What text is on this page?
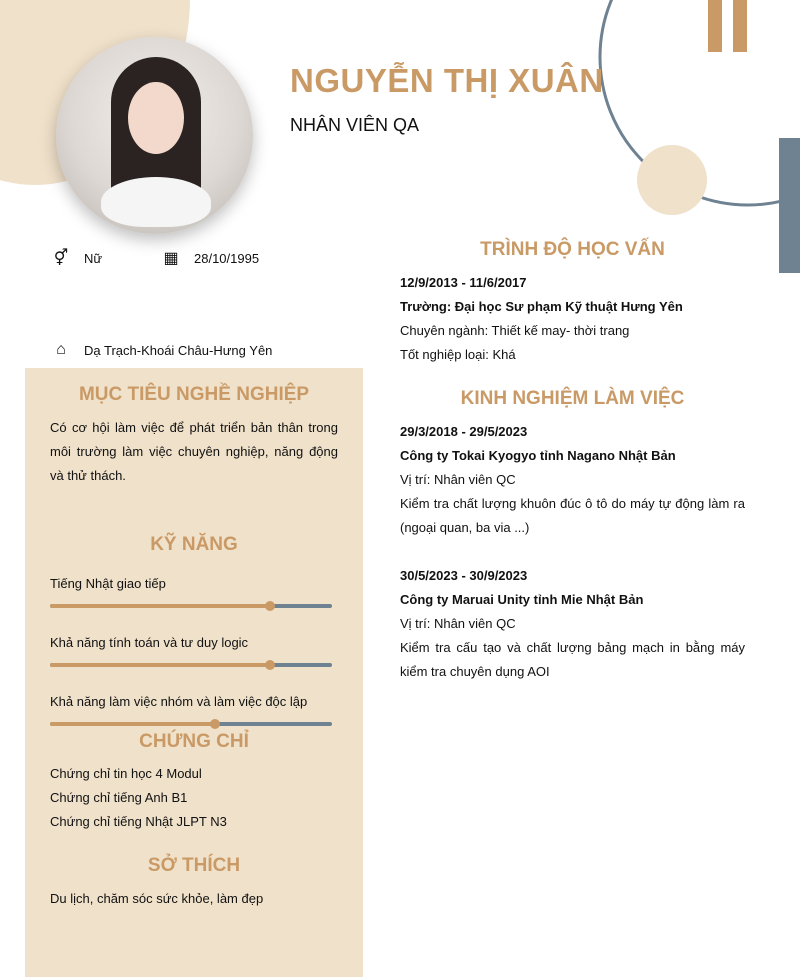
NGUYỄN THỊ XUÂN
NHÂN VIÊN QA
⚥ Nữ	▦ 28/10/1995
⌂	Dạ Trạch-Khoái Châu-Hưng Yên
MỤC TIÊU NGHỀ NGHIỆP
Có cơ hội làm việc để phát triển bản thân trong môi trường làm việc chuyên nghiệp, năng động và thử thách.
KỸ NĂNG
Tiếng Nhật giao tiếp
Khả năng tính toán và tư duy logic
Khả năng làm việc nhóm và làm việc độc lập
CHỨNG CHỈ
Chứng chỉ tin học 4 Modul
Chứng chỉ tiếng Anh B1
Chứng chỉ tiếng Nhật JLPT N3
SỞ THÍCH
Du lịch, chăm sóc sức khỏe, làm đẹp
TRÌNH ĐỘ HỌC VẤN
12/9/2013 - 11/6/2017
Trường: Đại học Sư phạm Kỹ thuật Hưng Yên
Chuyên ngành: Thiết kế may- thời trang
Tốt nghiệp loại: Khá
KINH NGHIỆM LÀM VIỆC
29/3/2018 - 29/5/2023
Công ty Tokai Kyogyo tỉnh Nagano Nhật Bản
Vị trí: Nhân viên QC
Kiểm tra chất lượng khuôn đúc ô tô do máy tự động làm ra (ngoại quan, ba via ...)
30/5/2023 - 30/9/2023
Công ty Maruai Unity tỉnh Mie Nhật Bản
Vị trí: Nhân viên QC
Kiểm tra cấu tạo và chất lượng bảng mạch in bằng máy kiểm tra chuyên dụng AOI
